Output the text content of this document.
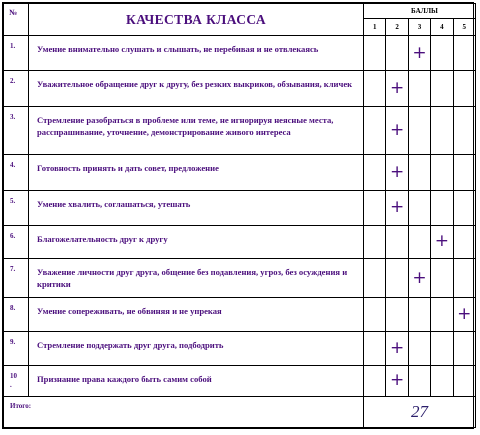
№	КАЧЕСТВА КЛАССА	БАЛЛЫ				
		1	2	3	4	5
1.	Умение внимательно слушать и слышать, не перебивая и не отвлекаясь			+		
2.	Уважительное обращение друг к другу, без резких выкриков, обзывания, кличек		+			
3.	Стремление разобраться в проблеме или теме, не игнорируя неясные места, расспрашивание, уточнение, демонстрирование живого интереса		+			
4.	Готовность принять и дать совет, предложение		+			
5.	Умение хвалить, соглашаться, утешать		+			
6.	Благожелательность друг к другу				+	
7.	Уважение личности друг друга, общение без подавления, угроз, без осуждения и критики			+		
8.	Умение сопереживать, не обвиняя и не упрекая					+
9.	Стремление поддержать друг друга, подбодрить		+			
10
.	Признание права каждого быть самим собой		+			
Итого:		27				
